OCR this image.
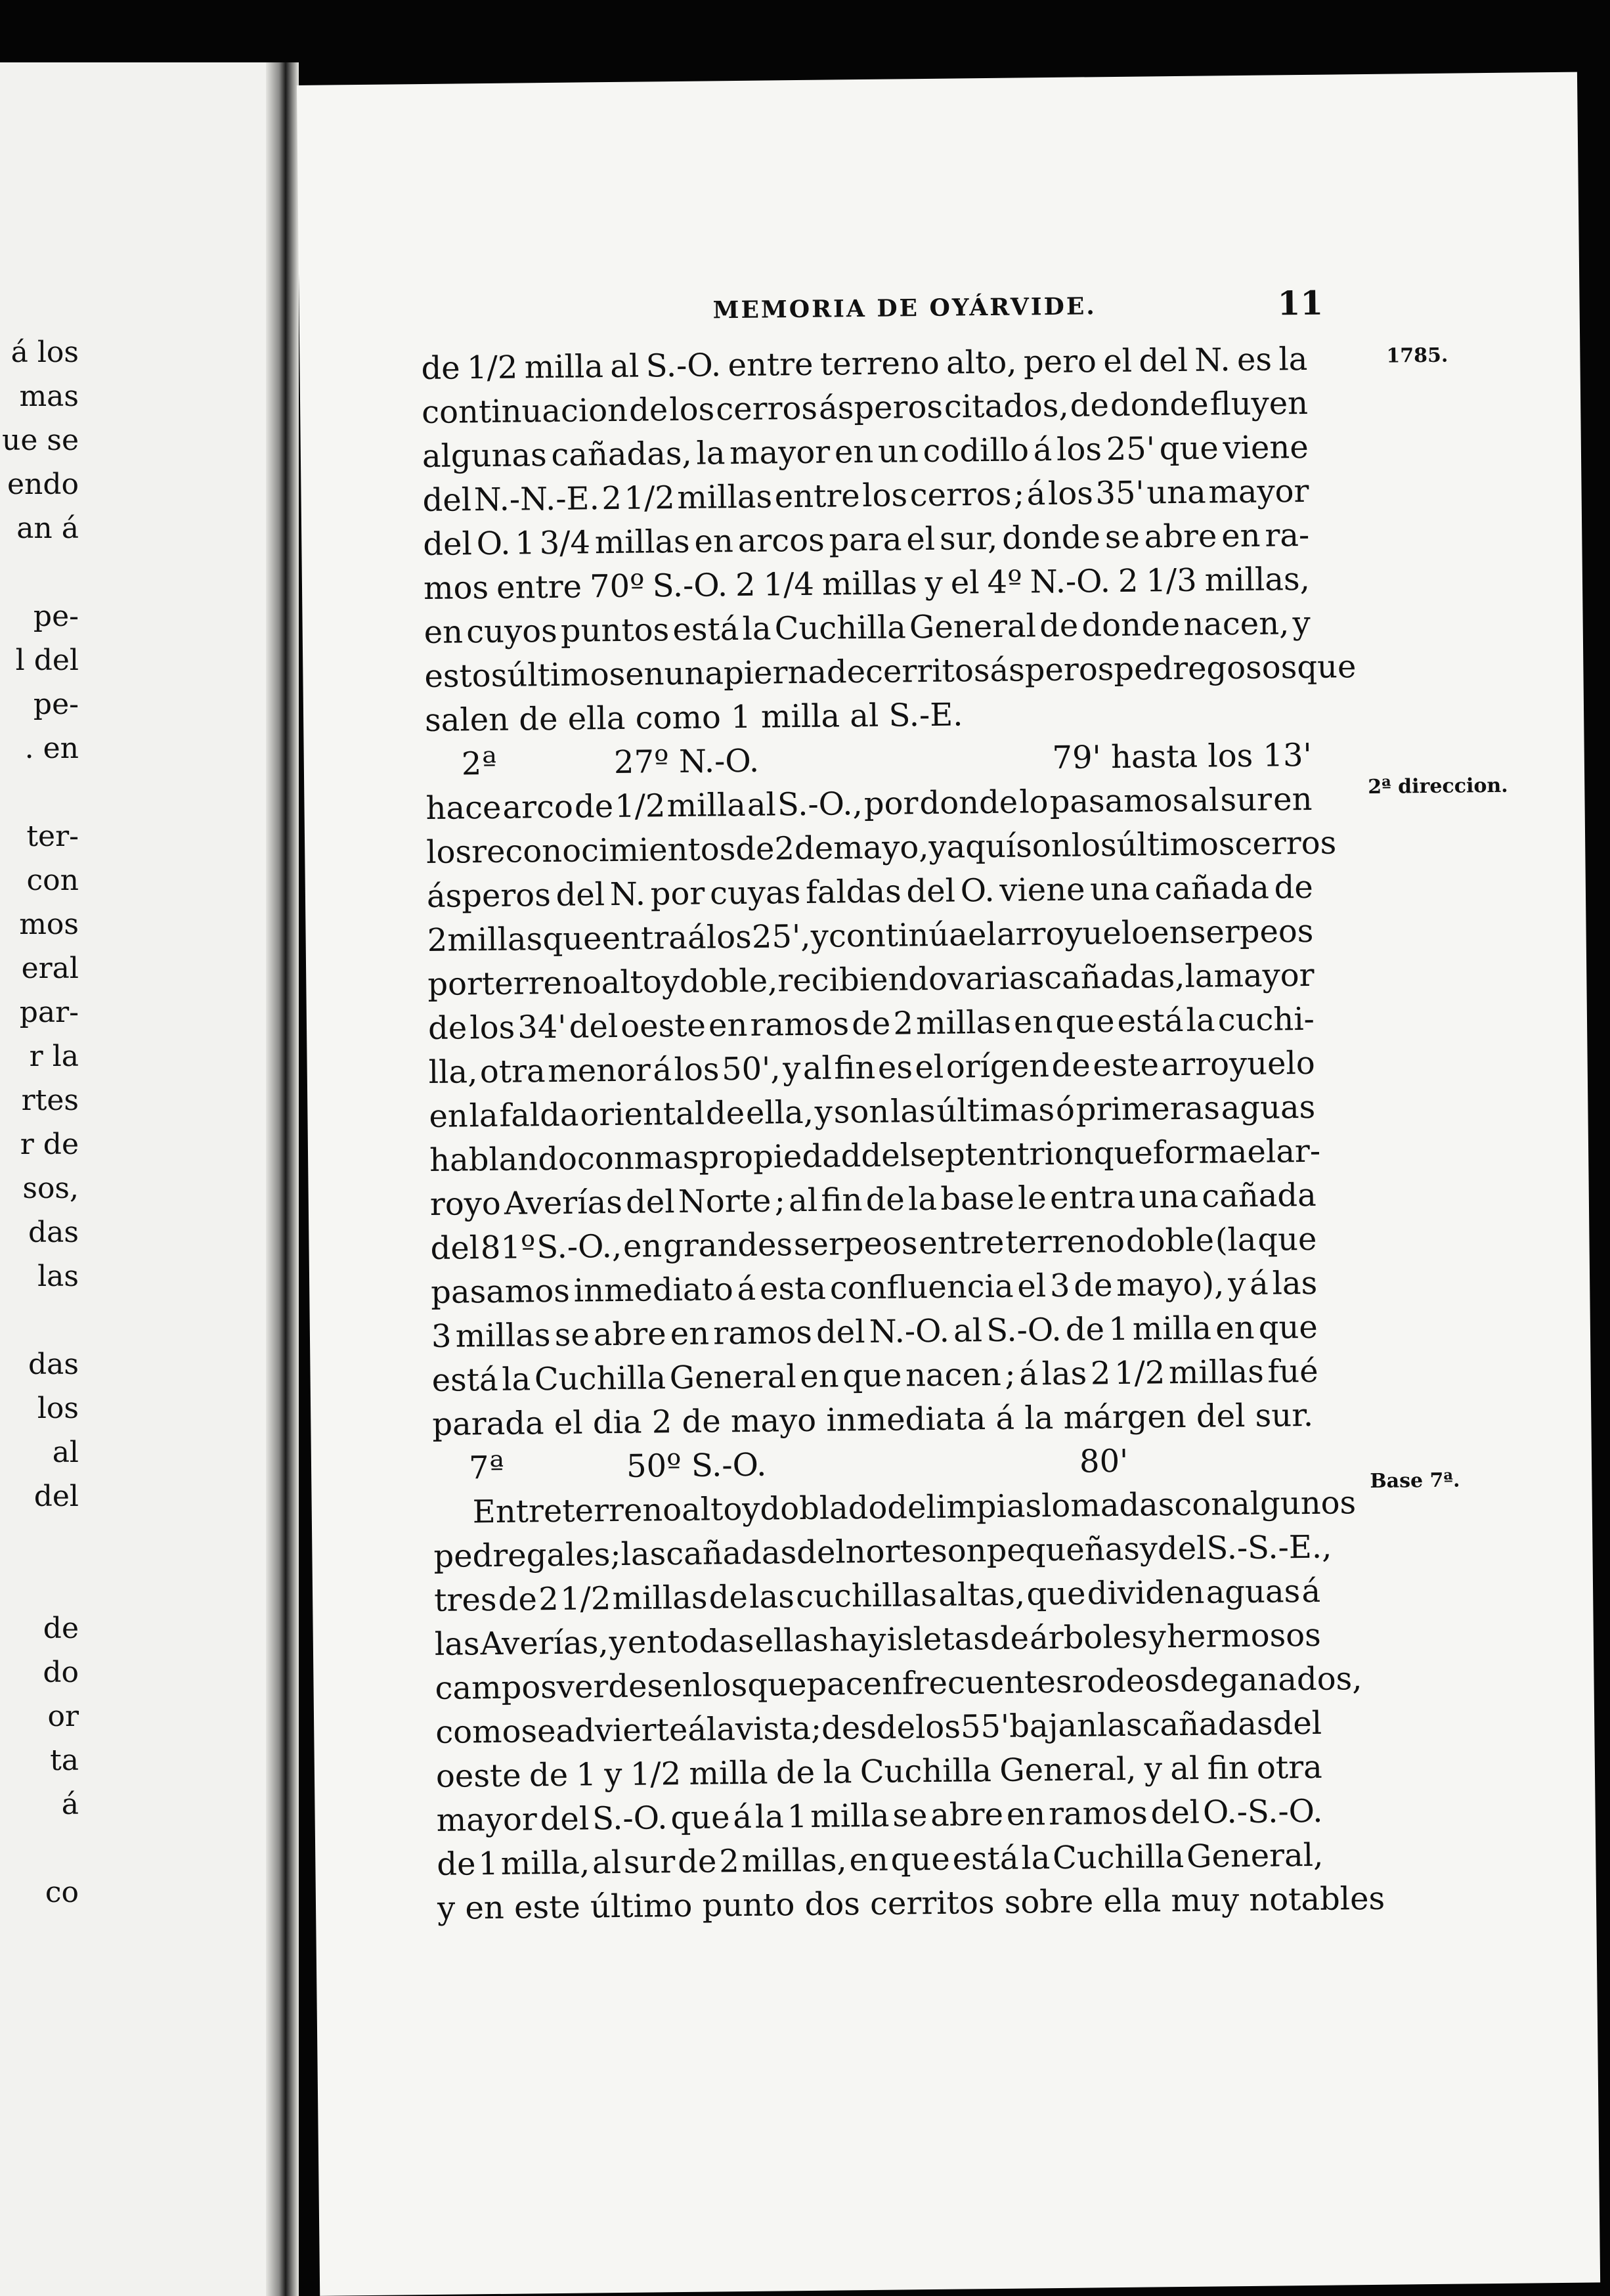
á los
mas
ue se
endo
an á
pe-
l del
pe-
. en
ter-
con
mos
eral
par-
r la
rtes
r de
sos,
das
las
das
los
al
del
de
do
or
ta
á
co
MEMORIA DE OYÁRVIDE.	11
de 1/2 milla al S.-O. entre terreno alto, pero el del N. es la
continuacion de los cerros ásperos citados, de donde fluyen
algunas cañadas, la mayor en un codillo á los 25' que viene
del N.-N.-E. 2 1/2 millas entre los cerros ; á los 35' una mayor
del O. 1 3/4 millas en arcos para el sur, donde se abre en ra-
mos entre 70º S.-O. 2 1/4 millas y el 4º N.-O. 2 1/3 millas,
en cuyos puntos está la Cuchilla General de donde nacen, y
estos últimos en una pierna de cerritos ásperos pedregosos que
salen de ella como 1 milla al S.-E.
2ª	27º N.-O.	79' hasta los 13'
hace arco de 1/2 milla al S.-O., por donde lo pasamos al sur en
los reconocimientos de 2 de mayo, y aquí son los últimos cerros
ásperos del N. por cuyas faldas del O. viene una cañada de
2 millas que entra á los 25', y continúa el arroyuelo en serpeos
por terreno alto y doble, recibiendo varias cañadas, la mayor
de los 34' del oeste en ramos de 2 millas en que está la cuchi-
lla, otra menor á los 50', y al fin es el orígen de este arroyuelo
en la falda oriental de ella, y son las últimas ó primeras aguas
hablando con mas propiedad del septentrion que forma el ar-
royo Averías del Norte ; al fin de la base le entra una cañada
del 81º S.-O., en grandes serpeos entre terreno doble (la que
pasamos inmediato á esta confluencia el 3 de mayo), y á las
3 millas se abre en ramos del N.-O. al S.-O. de 1 milla en que
está la Cuchilla General en que nacen ; á las 2 1/2 millas fué
parada el dia 2 de mayo inmediata á la márgen del sur.
7ª	50º S.-O.	80'
Entre terreno alto y doblado de limpias lomadas con algunos
pedregales ; las cañadas del norte son pequeñas y del S.-S.-E.,
tres de 2 1/2 millas de las cuchillas altas, que dividen aguas á
las Averías, y en todas ellas hay isletas de árboles y hermosos
campos verdes en los que pacen frecuentes rodeos de ganados,
como se advierte á la vista ; desde los 55' bajan las cañadas del
oeste de 1 y 1/2 milla de la Cuchilla General, y al fin otra
mayor del S.-O. que á la 1 milla se abre en ramos del O.-S.-O.
de 1 milla, al sur de 2 millas, en que está la Cuchilla General,
y en este último punto dos cerritos sobre ella muy notables
1785.
2ª direccion.
Base 7ª.
